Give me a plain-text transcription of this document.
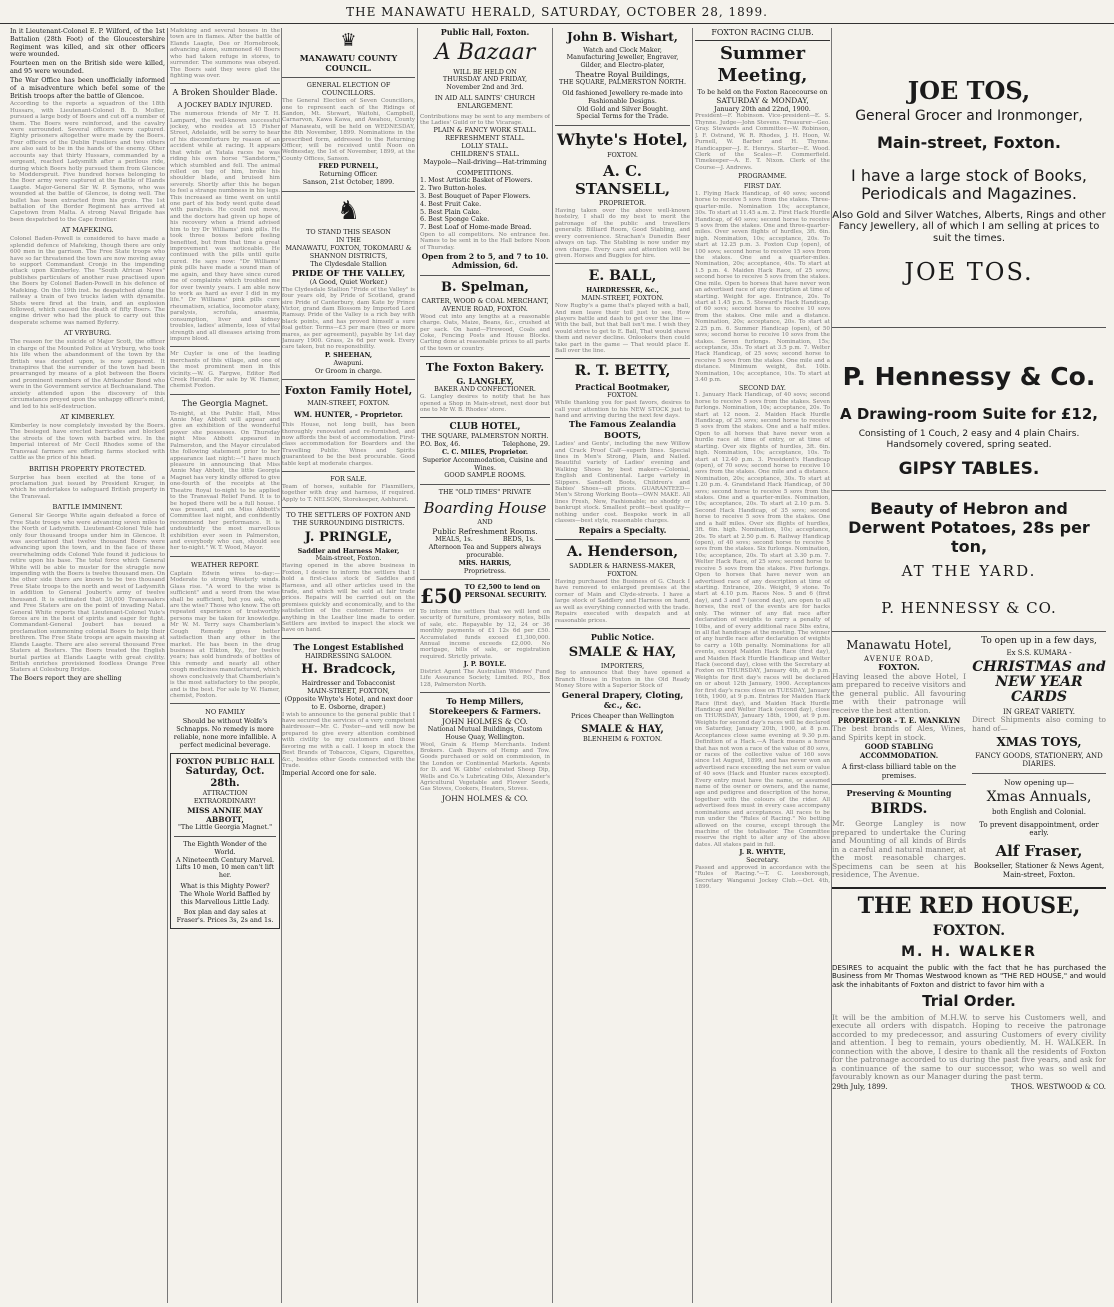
THE MANAWATU HERALD, SATURDAY, OCTOBER 28, 1899.

In it Lieutenant-Colonel E. P. Wilford, of the 1st Battalion (28th Foot) of the Gloucestershire Regiment was killed, and six other officers were wounded.

Fourteen men on the British side were killed, and 95 were wounded.

The War Office has been unofficially informed of a misadventure which befel some of the British troops after the battle of Glencoe.

According to the reports a squadron of the 18th Hussars, with Lieutenant-Colonel B. D. Moller, pursued a large body of Boers and cut off a number of them. The Boers were reinforced, and the cavalry were surrounded. Several officers were captured. Eighty prisoners altogether were made by the Boers. Four officers of the Dublin Fusiliers and two others are also said to be in the hands of the enemy. Other accounts say that thirty Hussars, commanded by a sergeant, reached Ladysmith after a perilous ride, during which Boers hotly pursued them from Glencoe to Modderspruit. Five hundred horses belonging to the Boer army were captured at the Battle of Elands Laagte. Major-General Sir W. P. Symons, who was wounded at the battle of Glencoe, is doing well. The bullet has been extracted from his groin. The 1st battalion of the Border Regiment has arrived at Capetown from Malta. A strong Naval Brigade has been despatched to the Cape frontier.

AT MAFEKING.

Colonel Baden-Powell is considered to have made a splendid defence of Mafeking, though there are only 600 men in the garrison. The Free State troops who have so far threatened the town are now moving away to support Commandant Cronje in the impending attack upon Kimberley. The "South African News" publishes particulars of another ruse practised upon the Boers by Colonel Baden-Powell in his defence of Mafeking. On the 19th inst. he despatched along the railway a train of two trucks laden with dynamite. Shots were fired at the train, and an explosion followed, which caused the death of fifty Boers. The engine driver who had the pluck to carry out this desperate scheme was named Byferry.

AT VRYBURG.

The reason for the suicide of Major Scott, the officer in charge of the Mounted Police at Vryburg, who took his life when the abandonment of the town by the British was decided upon, is now apparent. It transpires that the surrender of the town had been prearranged by means of a plot between the Boers and prominent members of the Afrikander Bond who were in the Government service at Bechuanaland. The anxiety attended upon the discovery of this circumstance preyed upon the unhappy officer's mind, and led to his self-destruction.

AT KIMBERLEY.

Kimberley is now completely invested by the Boers. The besieged have erected barricades and blocked the streets of the town with barbed wire. In the Imperial interest of Mr Cecil Rhodes some of the Transvaal farmers are offering farms stocked with cattle as the price of his head.

BRITISH PROPERTY PROTECTED.

Surprise has been excited at the tone of a proclamation just issued by President Kruger, in which he undertakes to safeguard British property in the Transvaal.

BATTLE IMMINENT.

General Sir George White again defeated a force of Free State troops who were advancing seven miles to the North of Ladysmith. Lieutenant-Colonel Yule had only four thousand troops under him in Glencoe. It was ascertained that twelve thousand Boers were advancing upon the town, and in the face of these overwhelming odds Colonel Yule found it judicious to retire upon his base. The total force which General White will be able to muster for the struggle now impending with the Boers is twelve thousand men. On the other side there are known to be two thousand Free State troops to the north and west of Ladysmith in addition to General Joubert's army of twelve thousand. It is estimated that 30,000 Transvaalers and Free Staters are on the point of invading Natal. General White reports that Lieutenant-Colonel Yule's forces are in the best of spirits and eager for fight. Commandant-General Joubert has issued a proclamation summoning colonial Boers to help their brethren. The Free State troops are again massing at Elands Laagte. There are also several thousand Free Staters at Besters. The Boers treated the English burial parties at Elands Laagte with great civility. British enriches provisioned foodless Orange Free Staters at Colesburg Bridge.

The Boers report they are shelling

Mafeking and several houses in the town are in flames. After the battle of Elands Laagte, Dee or Hornebrook, advancing alone, summoned 40 Boers who had taken refuge in stores, to surrender. The summons was obeyed. The Boers said they were glad the fighting was over.

A Broken Shoulder Blade.
A JOCKEY BADLY INJURED.

The numerous friends of Mr T. H. Lampard, the well-known successful jockey, who resides at 15 Fisher Street, Adelaide, will be sorry to hear of his discomforture by reason of an accident while at racing. It appears that while at Yatala races he was riding his own horse "Sandstorm," which stumbled and fell. The animal rolled on top of him, broke his shoulder blade, and bruised him severely. Shortly after this he began to feel a strange numbness in his legs. This increased as time went on until one part of his body went quite dead with paralysis. He could not move, and the doctors had given up hope of his recovery when a friend advised him to try Dr Williams' pink pills. He took three boxes before feeling benefited, but from that time a great improvement was noticeable. He continued with the pills until quite cured. He says now: "Dr Williams' pink pills have made a sound man of me again, and they have since cured me of complaints which troubled me for over twenty years. I am able now to work as hard as ever I did in my life." Dr Williams' pink pills cure rheumatism, sciatica, locomotor ataxy, paralysis, scrofula, anaemia, consumption, liver and kidney troubles, ladies' ailments, loss of vital strength and all diseases arising from impure blood.

Mr Cuyler is one of the leading merchants of this village, and one of the most prominent men in this vicinity.—W. G. Fargwe, Editor Red Creek Herald. For sale by W. Hamer, chemist Foxton.

The Georgia Magnet.

To-night, at the Public Hall, Miss Annie May Abbott will appear and give an exhibition of the wonderful power she possesses. On Thursday night Miss Abbott appeared in Palmerston, and the Mayor circulated the following statement prior to her appearance last night:—"I have much pleasure in announcing that Miss Annie May Abbott, the little Georgia Magnet has very kindly offered to give one-fourth of the receipts at the Theatre Royal to-night to be applied to the Transvaal Relief Fund. It is to be hoped there will be a full house. I was present, and on Miss Abbott's Committee last night, and confidently recommend her performance. It is undoubtedly the most marvellous exhibition ever seen in Palmerston, and everybody who can, should see her to-night." W. T. Wood, Mayor.

WEATHER REPORT.

Captain Edwin wires to-day:—Moderate to strong Westerly winds. Glass rise. "A word to the wise is sufficient" and a word from the wise shall be sufficient, but you ask, who are the wise? Those who know. The oft repeated experience of trustworthy persons may be taken for knowledge. Mr W. M. Terry says Chamberlain's Cough Remedy gives better satisfaction than any other in the market. He has been in the drug business at Elkton, Ky., for twelve years; has sold hundreds of bottles of this remedy and nearly all other cough medicines manufactured, which shows conclusively that Chamberlain's is the most satisfactory to the people, and is the best. For sale by W. Hamer, chemist, Foxton.

NO FAMILY

Should be without Wolfe's Schnapps. No remedy is more reliable, none more infallible. A perfect medicinal beverage.

FOXTON PUBLIC HALL
Saturday, Oct. 28th.
ATTRACTION EXTRAORDINARY!
MISS ANNIE MAY ABBOTT,
"The Little Georgia Magnet."
The Eighth Wonder of the World.
A Nineteenth Century Marvel.
Lifts 10 men, 10 men can't lift her.
What is this Mighty Power?
The Whole World Baffled by this Marvellous Little Lady.
Box plan and day sales at Fraser's. Prices 3s, 2s and 1s.
♛
MANAWATU COUNTY COUNCIL.
GENERAL ELECTION OF COUNCILLORS.

The General Election of Seven Councillors, one to represent each of the Ridings of Sandon, Mt. Stewart, Waitohi, Campbell, Carnarvon, Kawa Kawa, and Awahou, County of Manawatu, will be held on WEDNESDAY, the 8th November, 1899. Nominations in the prescribed form, addressed to the Returning Officer, will be received until Noon on Wednesday, the 1st of November, 1899, at the County Offices, Sanson.

FRED PURNELL,
Returning Officer.
Sanson, 21st October, 1899.
♞
TO STAND THIS SEASON
IN THE
MANAWATU, FOXTON, TOKOMARU & SHANNON DISTRICTS,
The Clydesdale Stallion
PRIDE OF THE VALLEY,
(A Good, Quiet Worker.)

The Clydesdale Stallion "Pride of the Valley" is four years old, by Pride of Scotland, grand sire Pride of Canterbury, dam Kate by Prince Victor, grand dam Blossom by Imported Lord Ramsay. Pride of the Valley is a rich bay with black points, and has proved himself a sure foal getter. Terms—£3 per mare (two or more mares, as per agreement), payable by 1st day January 1900. Grass, 2s 6d per week. Every care taken, but no responsibility.

P. SHEEHAN,
Awapuni.
Or Groom in charge.
Foxton Family Hotel,
MAIN-STREET, FOXTON.
WM. HUNTER, - Proprietor.

This House, not long built, has been thoroughly renovated and re-furnished, and now affords the best of accommodation. First-class accommodation for Boarders and the Travelling Public. Wines and Spirits guaranteed to be the best procurable. Good table kept at moderate charges.

FOR SALE.

Team of horses, suitable for Flaxmillers, together with dray and harness, if required. Apply to T. NELSON, Storekeeper, Ashhurst.

TO THE SETTLERS OF FOXTON AND THE SURROUNDING DISTRICTS.
J. PRINGLE,
Saddler and Harness Maker,
Main-street, Foxton.

Having opened in the above business in Foxton, I desire to inform the settlers that I hold a first-class stock of Saddles and Harness, and all other articles used in the trade, and which will be sold at fair trade prices. Repairs will be carried out on the premises quickly and economically, and to the satisfaction of the customer. Harness or anything in the Leather line made to order. Settlers are invited to inspect the stock we have on hand.

The Longest Established
HAIRDRESSING SALOON.
H. Bradcock,
Hairdresser and Tobacconist
MAIN-STREET, FOXTON,
(Opposite Whyte's Hotel, and next door to E. Osborne, draper.)

I wish to announce to the general public that I have secured the services of a very competent hairdresser—Mr. C. Foster—and will now be prepared to give every attention combined with civility to my customers and those favoring me with a call. I keep in stock the Best Brands of Tobaccos, Cigars, Cigarettes, &c., besides other Goods connected with the Trade.

Imperial Accord one for sale.

Public Hall, Foxton.
A Bazaar
WILL BE HELD ON
THURSDAY AND FRIDAY,
November 2nd and 3rd.
IN AID ALL SAINTS' CHURCH ENLARGEMENT.

Contributions may be sent to any members of the Ladies' Guild or to the Vicarage.

PLAIN & FANCY WORK STALL.
REFRESHMENT STALL.
LOLLY STALL.
CHILDREN'S STALL.
Maypole—Nail-driving—Hat-trimming
COMPETITIONS.
1. Most Artistic Basket of Flowers.
2. Two Button-holes.
3. Best Bouquet of Paper Flowers.
4. Best Fruit Cake.
5. Best Plain Cake.
6. Best Sponge Cake.
7. Best Loaf of Home-made Bread.

Open to all competitors. No entrance fee. Names to be sent in to the Hall before Noon of Thursday.

Open from 2 to 5, and 7 to 10.
Admission, 6d.
B. Spelman,
CARTER, WOOD & COAL MERCHANT,
AVENUE ROAD, FOXTON.

Wood cut into any lengths at a reasonable charge. Oats, Maize, Beans, &c., crushed at per sack. On hand—Firewood, Coals and Coke, Fencing Posts and House Blocks. Carting done at reasonable prices to all parts of the town or country.

The Foxton Bakery.
G. LANGLEY,
BAKER AND CONFECTIONER.

G. Langley desires to notify that he has opened a Shop in Main-street, next door but one to Mr W. B. Rhodes' store.

CLUB HOTEL,
THE SQUARE, PALMERSTON NORTH.
P.O. Box, 46.	Telephone, 29.
C. C. MILES, Proprietor.
Superior Accommodation, Cuisine and Wines.
GOOD SAMPLE ROOMS.
THE "OLD TIMES" PRIVATE
Boarding House
AND
Public Refreshment Rooms.
MEALS, 1s.	BEDS, 1s.
Afternoon Tea and Suppers always procurable.
MRS. HARRIS,
Proprietress.
£50 TO £2,500 to lend on PERSONAL SECURITY.

To inform the settlers that we will lend on security of furniture, promissory notes, bills of sale, etc. Repayable by 12, 24 or 36 monthly payments of £1 12s 6d per £50. Accumulated funds exceed £1,300,000. Annual income exceeds £2,000. No mortgage, bills of sale, or registration required. Strictly private.

J. P. BOYLE.

District Agent The Australian Widows' Fund Life Assurance Society, Limited. P.O., Box 128, Palmerston North.

To Hemp Millers, Storekeepers & Farmers.
JOHN HOLMES & CO.
National Mutual Buildings, Custom House Quay, Wellington.

Wool, Grain & Hemp Merchants. Indent Brokers. Cash Buyers of Hemp and Tow. Goods purchased or sold on commission, in the London or Continental Markets. Agents for D. and W. Gibbs' celebrated Sheep Dip, Wells and Co.'s Lubricating Oils, Alexander's Agricultural Vegetable and Flower Seeds, Gas Stoves, Cookers, Heaters, Stoves.

JOHN HOLMES & CO.
John B. Wishart,
Watch and Clock Maker,
Manufacturing Jeweller, Engraver, Gilder, and Electro-plater,
Theatre Royal Buildings,
THE SQUARE, PALMERSTON NORTH.
Old fashioned Jewellery re-made into Fashionable Designs.
Old Gold and Silver Bought.
Special Terms for the Trade.
Whyte's Hotel,
FOXTON.
A. C. STANSELL,
PROPRIETOR.

Having taken over the above well-known hostelry, I shall do my best to merit the patronage of the public and travellers generally. Billiard Room, Good Stabling, and every convenience. Strachan's Dunedin Beer always on tap. The Stabling is now under my own charge. Every care and attention will be given. Horses and Buggies for hire.

E. BALL,
HAIRDRESSER, &c.,
MAIN-STREET, FOXTON.

Now Rugby's a game that's played with a ball, And men leave their toil just to see, How players battle and dash to get over the line — With the ball, but that ball isn't me. I wish they would strive to get to E. Ball, That would shave them and never decline. Onlookers then could take part in the game — That would place E. Ball over the line.

R. T. BETTY,
Practical Bootmaker,
FOXTON.

While thanking you for past favors, desires to call your attention to his NEW STOCK just to hand and arriving during the next few days.

The Famous Zealandia BOOTS,

Ladies' and Gents', including the new Willow and Crack Proof Calf—superb lines. Special lines in Men's Strong, Plain, and Nailed. Beautiful variety of Ladies' evening and Walking Shoes by best makers—Colonial, English and Continental. Large variety in Slippers. Sandsoft Boots, Children's and Babies' Shoes—all prices. GUARANTEED—Men's Strong Working Boots—OWN MAKE. All lines Fresh, New, Fashionable; no shoddy or bankrupt stock. Smallest profit—best quality—nothing under cost. Bespoke work in all classes—best style, reasonable charges.

Repairs a Specialty.
A. Henderson,
SADDLER & HARNESS-MAKER, FOXTON.

Having purchased the Business of G. Chuck I have removed to enlarged premises at the corner of Main and Clyde-streets. I have a large stock of Saddlery and Harness on hand, as well as everything connected with the trade. Repairs executed with despatch and at reasonable prices.

Public Notice.
SMALE & HAY,
IMPORTERS,

Beg to announce that they have opened a Branch House in Foxton in the Old Ready Money Store with a Superior Stock of

General Drapery, Cloting, &c., &c.
Prices Cheaper than Wellington
SMALE & HAY,
BLENHEIM & FOXTON.
FOXTON RACING CLUB.
Summer Meeting,
To be held on the Foxton Racecourse on
SATURDAY & MONDAY,
January 20th and 22nd, 1900.

President—F. Robinson. Vice-president—E. S. Thynne. Judge—John Stevens. Treasurer—Geo. Gray. Stewards and Committee—W. Robinson, J. F. Ostrand, W. R. Rhodes, J. H. Hoon, W. Purnell, W. Barber and H. Thynne. Handicapper—J. E. Henrys. Starter—E. Wood. Clerk of the Scales—F. Commerfield. Timekeeper—A. E. T. Nixon. Clerk of the Course—J. Andrews.

PROGRAMME.
FIRST DAY.

1. Flying Hack Handicap, of 40 sovs; second horse to receive 5 sovs from the stakes. Three-quarter-mile. Nomination 10s; acceptance, 30s. To start at 11.45 a.m. 2. First Hack Hurdle Handicap, of 40 sovs; second horse to receive 5 sovs from the stakes. One and three-quarter-miles. Over seven flights of hurdles, 3ft. 6in. high. Nomination, 10s; acceptance, 20s. To start at 12.25 p.m. 3. Foxton Cup (open), of 100 sovs; second horse to receive 15 sovs from the stakes. One and a quarter-miles. Nomination, 20s; acceptance, 40s. To start at 1.5 p.m. 4. Maiden Hack Race, of 25 sovs; second horse to receive 5 sovs from the stakes. One mile. Open to horses that have never won an advertised race of any description at time of starting. Weight for age. Entrance, 20s. To start at 1.45 p.m. 5. Steward's Hack Handicap, of 60 sovs; second horse to receive 10 sovs from the stakes. One mile and a distance. Nomination, 20s; acceptance, 20s. To start at 2.25 p.m. 6. Summer Handicap (open), of 50 sovs; second horse to receive 10 sovs from the stakes. Seven furlongs. Nomination, 15s; acceptance, 35s. To start at 3.5 p.m. 7. Welter Hack Handicap, of 25 sovs; second horse to receive 5 sovs from the stakes. One mile and a distance. Minimum weight, 8st. 10lb. Nomination, 10s; acceptance, 10s. To start at 3.40 p.m.

SECOND DAY.

1. January Hack Handicap, of 40 sovs; second horse to receive 5 sovs from the stakes. Seven furlongs. Nomination, 10s; acceptance, 20s. To start at 12 noon. 2. Maiden Hack Hurdle Handicap, of 25 sovs; second horse to receive 5 sovs from the stakes. One and a half miles. Open to all horses that have never won a hurdle race at time of entry, or at time of starting. Over six flights of hurdles, 3ft. 6in. high. Nomination, 10s; acceptance, 10s. To start at 12.40 p.m. 3. President's Handicap (open), of 70 sovs; second horse to receive 10 sovs from the stakes. One mile and a distance. Nomination, 20s; acceptance, 30s. To start at 1.20 p.m. 4. Grandstand Hack Handicap, of 50 sovs; second horse to receive 5 sovs from the stakes. One and a quarter-miles. Nomination, 10s; acceptance, 20s. To start at 2.10 p.m. 5. Second Hack Handicap, of 35 sovs; second horse to receive 5 sovs from the stakes. One and a half miles. Over six flights of hurdles, 3ft. 6in. high. Nomination, 10s; acceptance, 20s. To start at 2.50 p.m. 6. Railway Handicap (open), of 40 sovs; second horse to receive 5 sovs from the stakes. Six furlongs. Nomination, 10s; acceptance, 20s. To start at 3.30 p.m. 7. Welter Hack Race, of 25 sovs; second horse to receive 5 sovs from the stakes. Five furlongs. Open to horses that have never won an advertised race of any description at time of starting. Entrance, 20s. Weight, 9 stone. To start at 4.10 p.m. Races Nos. 5 and 6 (first day), and 3 and 7 (second day), are open to all horses, the rest of the events are for hacks only. The winner of any flat race after declaration of weights to carry a penalty of 10lbs, and of every additional race 5lbs extra, in all flat handicaps at the meeting. The winner of any hurdle race after declaration of weights to carry a 10lb penalty. Nominations for all events, except Maiden Hack Race (first day), and Maiden Hack Hurdle Handicap and Welter Hack (second day), close with the Secretary at Foxton on THURSDAY, January 4th, at 9 p.m. Weights for first day's races will be declared on or about 12th January, 1900. Acceptances for first day's races close on TUESDAY, January 16th, 1900, at 9 p.m. Entries for Maiden Hack Race (first day), and Maiden Hack Hurdle Handicap and Welter Hack (second day), close on THURSDAY, January 18th, 1900, at 9 p.m. Weights for second day's races will be declared on Saturday, January 20th, 1900, at 8 p.m. Acceptances close same evening at 9.30 p.m. Definition of a Hack.—A Hack means a horse that has not won a race of the value of 80 sovs, or races of the collective value of 160 sovs since 1st August, 1899, and has never won an advertised race exceeding the net sum or value of 40 sovs (Hack and Hunter races excepted). Every entry must have the name, or assumed name of the owner or owners, and the name, age and pedigree and description of the horse, together with the colours of the rider. All advertised fees must in every case accompany nominations and acceptances. All races to be run under the "Rules of Racing." No betting allowed on the course, except through the machine of the totalisator. The Committee reserve the right to alter any of the above dates. All stakes paid in full.

J. R. WHYTE,
Secretary.

Passed and approved in accordance with the "Rules of Racing."—T. C. Leesborough, Secretary Wanganui Jockey Club.—Oct. 4th, 1899.

JOE TOS,
General Grocer and Ironmonger,
Main-street, Foxton.
I have a large stock of Books, Periodicals and Magazines.
Also Gold and Silver Watches, Alberts, Rings and other Fancy Jewellery, all of which I am selling at prices to suit the times.
JOE TOS.
P. Hennessy & Co.
A Drawing-room Suite for £12,
Consisting of 1 Couch, 2 easy and 4 plain Chairs. Handsomely covered, spring seated.
GIPSY TABLES.
Beauty of Hebron and Derwent Potatoes, 28s per ton,
AT THE YARD.
P. HENNESSY & CO.
Manawatu Hotel,
AVENUE ROAD,
FOXTON.

Having leased the above Hotel, I am prepared to receive visitors and the general public. All favouring me with their patronage will receive the best attention.

PROPRIETOR - T. E. WANKLYN

The best brands of Ales, Wines, and Spirits kept in stock.

GOOD STABLING ACCOMMODATION.
A first-class billiard table on the premises.
Preserving & Mounting
BIRDS.

Mr. George Langley is now prepared to undertake the Curing and Mounting of all kinds of Birds in a careful and natural manner, at the most reasonable charges. Specimens can be seen at his residence, The Avenue.

To open up in a few days,
Ex S.S. KUMARA -
CHRISTMAS and NEW YEAR CARDS
IN GREAT VARIETY.

Direct Shipments also coming to hand of—

XMAS TOYS,
FANCY GOODS, STATIONERY, AND DIARIES.
Now opening up—
Xmas Annuals,
both English and Colonial.
To prevent disappointment, order early.
Alf Fraser,
Bookseller, Stationer & News Agent, Main-street, Foxton.
THE RED HOUSE,
FOXTON.
M. H. WALKER

DESIRES to acquaint the public with the fact that he has purchased the Business from Mr Thomas Westwood known as "THE RED HOUSE," and would ask the inhabitants of Foxton and district to favor him with a

Trial Order.

It will be the ambition of M.H.W. to serve his Customers well, and execute all orders with dispatch. Hoping to receive the patronage accorded to my predecessor, and assuring Customers of every civility and attention. I beg to remain, yours obediently, M. H. WALKER. In connection with the above, I desire to thank all the residents of Foxton for the patronage accorded to us during the past five years, and ask for a continuance of the same to our successor, who was so well and favourably known as our Manager during the past term.

29th July, 1899.	THOS. WESTWOOD & CO.
